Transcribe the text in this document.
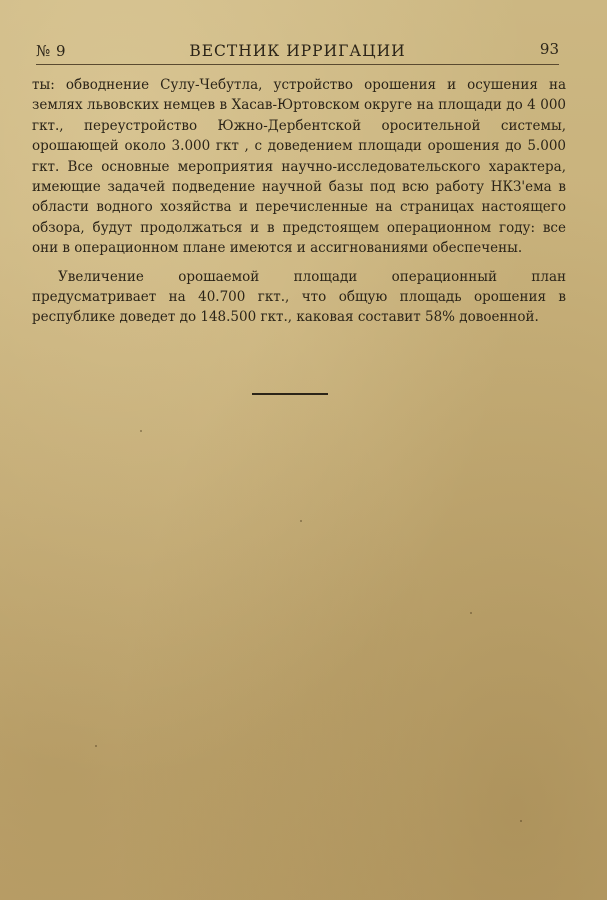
№ 9	ВЕСТНИК ИРРИГАЦИИ	93

ты: обводнение Сулу-Чебутла, устройство орошения и осушения на землях львовских немцев в Хасав-Юртовском округе на площади до 4 000 гкт., переустройство Южно-Дербентской оросительной системы, орошающей около 3.000 гкт , с доведением площади орошения до 5.000 гкт. Все основные мероприятия научно-исследовательского характера, имеющие задачей подведение научной базы под всю работу НКЗ'ема в области водного хозяйства и перечисленные на страницах настоящего обзора, будут продолжаться и в предстоящем операционном году: все они в операционном плане имеются и ассигнованиями обеспечены.

Увеличение орошаемой площади операционный план предусматривает на 40.700 гкт., что общую площадь орошения в республике доведет до 148.500 гкт., каковая составит 58% довоенной.
